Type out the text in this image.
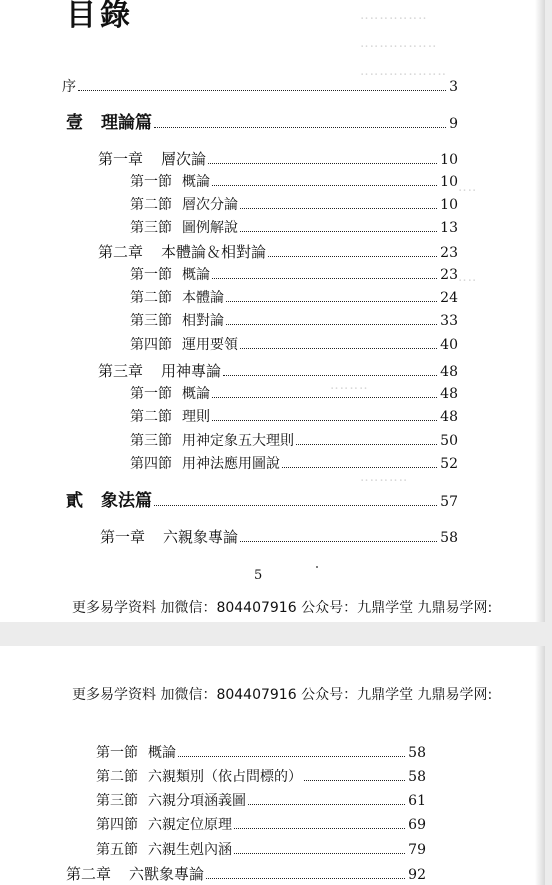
‥‥‥‥‥‥‥
‥‥‥‥‥‥‥‥
‥‥‥‥‥‥‥‥‥
‥‥
‥‥
‥‥‥‥
‥‥‥‥‥
目錄
序	3
壹 理論篇	9
第一章 層次論	10
第一節 概論	10
第二節 層次分論	10
第三節 圖例解說	13
第二章 本體論＆相對論	23
第一節 概論	23
第二節 本體論	24
第三節 相對論	33
第四節 運用要領	40
第三章 用神專論	48
第一節 概論	48
第二節 理則	48
第三節 用神定象五大理則	50
第四節 用神法應用圖說	52
貳 象法篇	57
第一章 六親象專論	58
5
更多易学资料 加微信：804407916 公众号：九鼎学堂 九鼎易学网:
更多易学资料 加微信：804407916 公众号：九鼎学堂 九鼎易学网:
第一節 概論	58
第二節 六親類別（依占問標的）	58
第三節 六親分項涵義圖	61
第四節 六親定位原理	69
第五節 六親生剋內涵	79
第二章 六獸象專論	92
